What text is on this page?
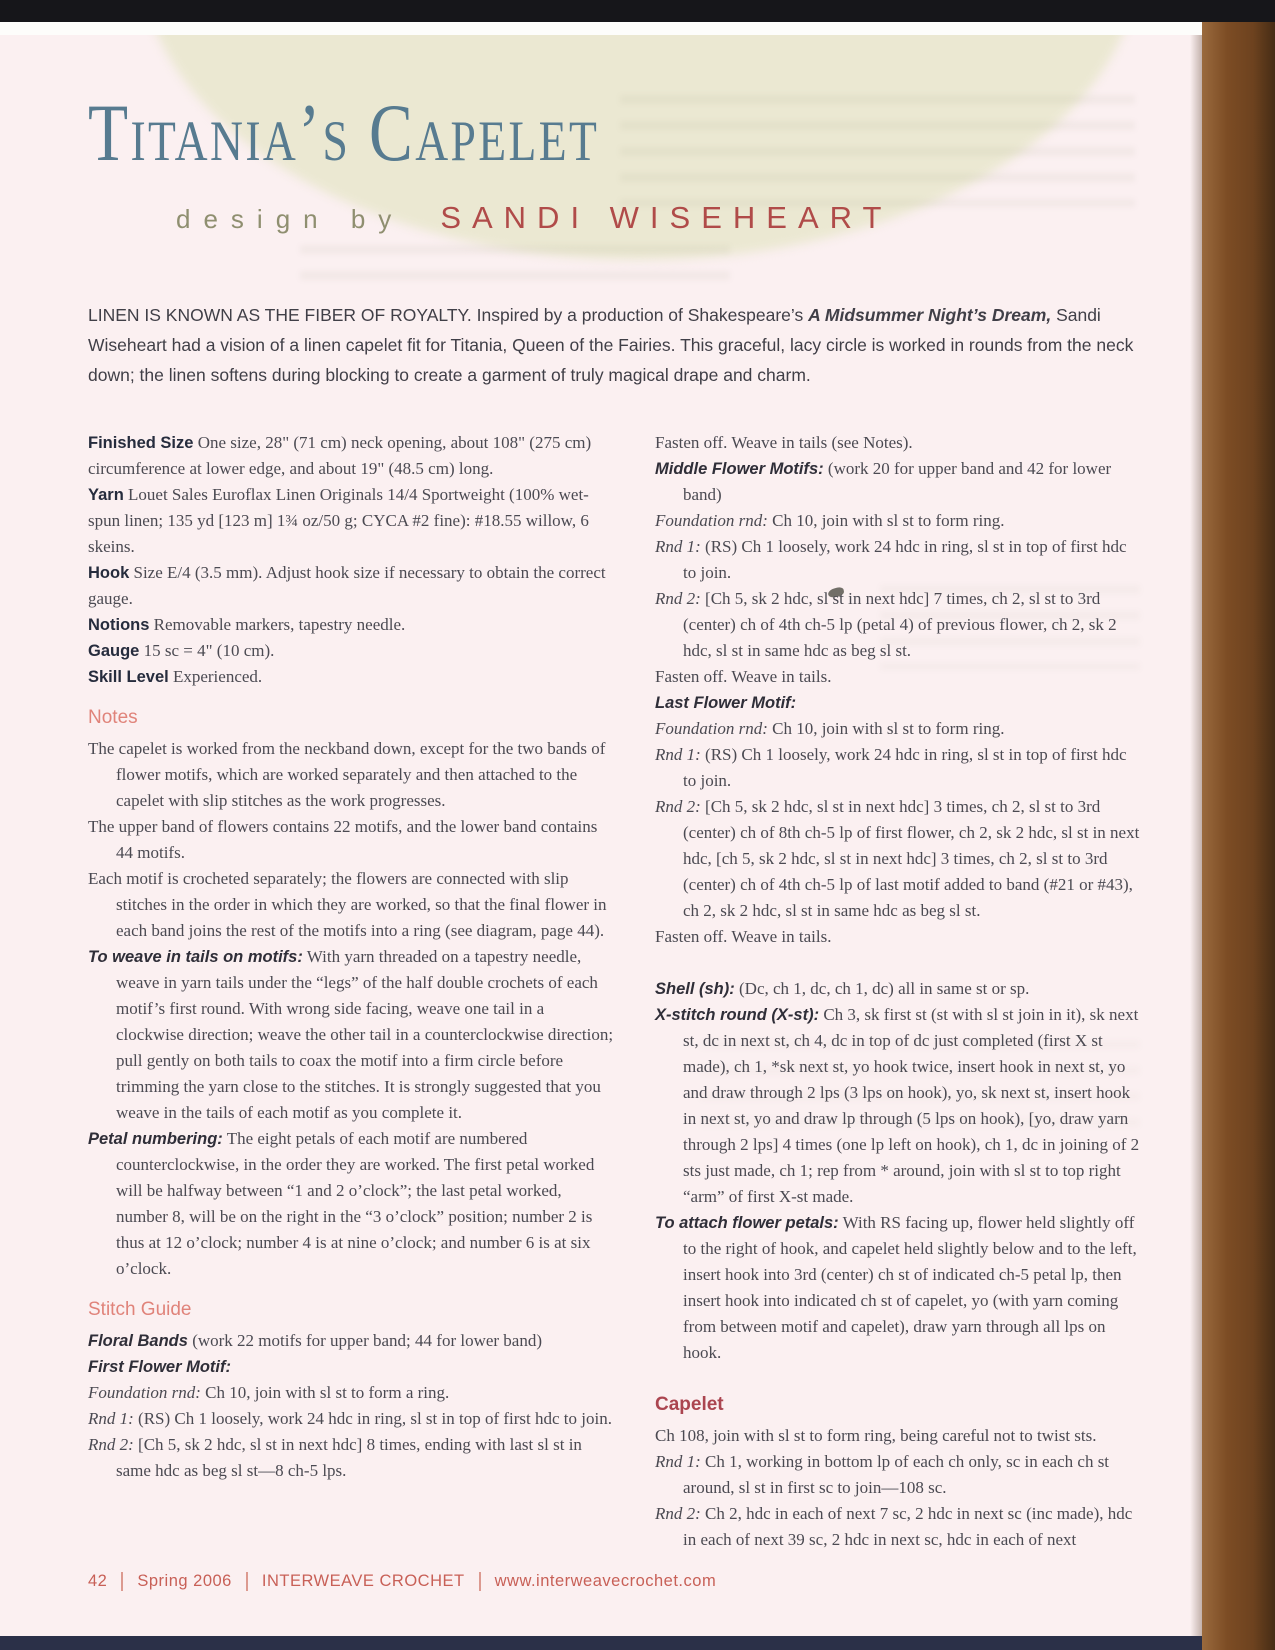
Titania’s Capelet
design by SANDI WISEHEART

LINEN IS KNOWN AS THE FIBER OF ROYALTY. Inspired by a production of Shakespeare’s A Midsummer Night’s Dream, Sandi Wiseheart had a vision of a linen capelet fit for Titania, Queen of the Fairies. This graceful, lacy circle is worked in rounds from the neck down; the linen softens during blocking to create a garment of truly magical drape and charm.

Finished Size One size, 28" (71 cm) neck opening, about 108" (275 cm) circumference at lower edge, and about 19" (48.5 cm) long.

Yarn Louet Sales Euroflax Linen Originals 14/4 Sportweight (100% wet-spun linen; 135 yd [123 m] 1¾ oz/50 g; CYCA #2 fine): #18.55 willow, 6 skeins.

Hook Size E/4 (3.5 mm). Adjust hook size if necessary to obtain the correct gauge.

Notions Removable markers, tapestry needle.

Gauge 15 sc = 4" (10 cm).

Skill Level Experienced.

Notes

The capelet is worked from the neckband down, except for the two bands of flower motifs, which are worked separately and then attached to the capelet with slip stitches as the work progresses.

The upper band of flowers contains 22 motifs, and the lower band contains 44 motifs.

Each motif is crocheted separately; the flowers are connected with slip stitches in the order in which they are worked, so that the final flower in each band joins the rest of the motifs into a ring (see diagram, page 44).

To weave in tails on motifs: With yarn threaded on a tapestry needle, weave in yarn tails under the “legs” of the half double crochets of each motif’s first round. With wrong side facing, weave one tail in a clockwise direction; weave the other tail in a counterclockwise direction; pull gently on both tails to coax the motif into a firm circle before trimming the yarn close to the stitches. It is strongly suggested that you weave in the tails of each motif as you complete it.

Petal numbering: The eight petals of each motif are numbered counterclockwise, in the order they are worked. The first petal worked will be halfway between “1 and 2 o’clock”; the last petal worked, number 8, will be on the right in the “3 o’clock” position; number 2 is thus at 12 o’clock; number 4 is at nine o’clock; and number 6 is at six o’clock.

Stitch Guide

Floral Bands (work 22 motifs for upper band; 44 for lower band)

First Flower Motif:

Foundation rnd: Ch 10, join with sl st to form a ring.

Rnd 1: (RS) Ch 1 loosely, work 24 hdc in ring, sl st in top of first hdc to join.

Rnd 2: [Ch 5, sk 2 hdc, sl st in next hdc] 8 times, ending with last sl st in same hdc as beg sl st—8 ch-5 lps.

Fasten off. Weave in tails (see Notes).

Middle Flower Motifs: (work 20 for upper band and 42 for lower band)

Foundation rnd: Ch 10, join with sl st to form ring.

Rnd 1: (RS) Ch 1 loosely, work 24 hdc in ring, sl st in top of first hdc to join.

Rnd 2: [Ch 5, sk 2 hdc, sl st in next hdc] 7 times, ch 2, sl st to 3rd (center) ch of 4th ch-5 lp (petal 4) of previous flower, ch 2, sk 2 hdc, sl st in same hdc as beg sl st.

Fasten off. Weave in tails.

Last Flower Motif:

Foundation rnd: Ch 10, join with sl st to form ring.

Rnd 1: (RS) Ch 1 loosely, work 24 hdc in ring, sl st in top of first hdc to join.

Rnd 2: [Ch 5, sk 2 hdc, sl st in next hdc] 3 times, ch 2, sl st to 3rd (center) ch of 8th ch-5 lp of first flower, ch 2, sk 2 hdc, sl st in next hdc, [ch 5, sk 2 hdc, sl st in next hdc] 3 times, ch 2, sl st to 3rd (center) ch of 4th ch-5 lp of last motif added to band (#21 or #43), ch 2, sk 2 hdc, sl st in same hdc as beg sl st.

Fasten off. Weave in tails.

Shell (sh): (Dc, ch 1, dc, ch 1, dc) all in same st or sp.

X-stitch round (X-st): Ch 3, sk first st (st with sl st join in it), sk next st, dc in next st, ch 4, dc in top of dc just completed (first X st made), ch 1, *sk next st, yo hook twice, insert hook in next st, yo and draw through 2 lps (3 lps on hook), yo, sk next st, insert hook in next st, yo and draw lp through (5 lps on hook), [yo, draw yarn through 2 lps] 4 times (one lp left on hook), ch 1, dc in joining of 2 sts just made, ch 1; rep from * around, join with sl st to top right “arm” of first X-st made.

To attach flower petals: With RS facing up, flower held slightly off to the right of hook, and capelet held slightly below and to the left, insert hook into 3rd (center) ch st of indicated ch-5 petal lp, then insert hook into indicated ch st of capelet, yo (with yarn coming from between motif and capelet), draw yarn through all lps on hook.

Capelet

Ch 108, join with sl st to form ring, being careful not to twist sts.

Rnd 1: Ch 1, working in bottom lp of each ch only, sc in each ch st around, sl st in first sc to join—108 sc.

Rnd 2: Ch 2, hdc in each of next 7 sc, 2 hdc in next sc (inc made), hdc in each of next 39 sc, 2 hdc in next sc, hdc in each of next

42 Spring 2006 INTERWEAVE CROCHET www.interweavecrochet.com
